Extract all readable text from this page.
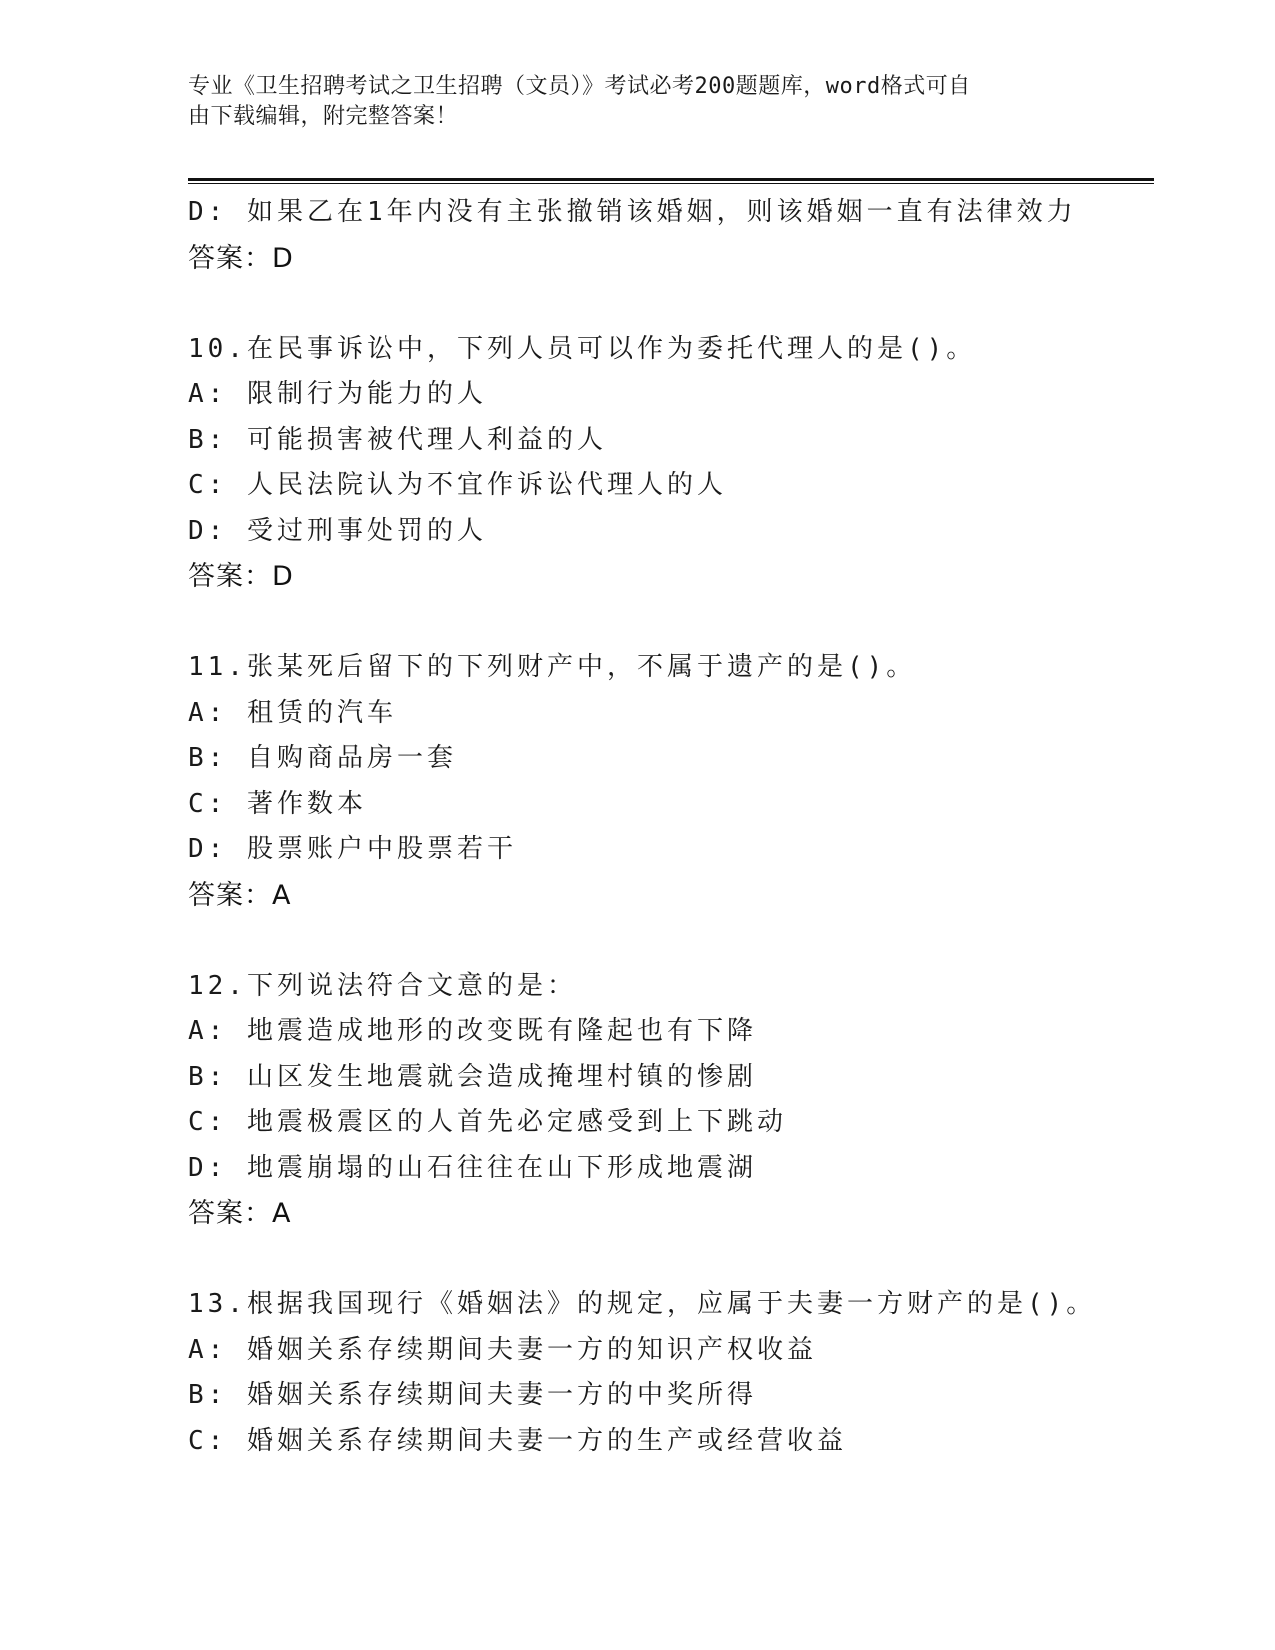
专业《卫生招聘考试之卫生招聘（文员）》考试必考200题题库，word格式可自
由下载编辑，附完整答案！
D: 如果乙在1年内没有主张撤销该婚姻，则该婚姻一直有法律效力
答案：D
10.在民事诉讼中，下列人员可以作为委托代理人的是()。
A: 限制行为能力的人
B: 可能损害被代理人利益的人
C: 人民法院认为不宜作诉讼代理人的人
D: 受过刑事处罚的人
答案：D
11.张某死后留下的下列财产中，不属于遗产的是()。
A: 租赁的汽车
B: 自购商品房一套
C: 著作数本
D: 股票账户中股票若干
答案：A
12.下列说法符合文意的是：
A: 地震造成地形的改变既有隆起也有下降
B: 山区发生地震就会造成掩埋村镇的惨剧
C: 地震极震区的人首先必定感受到上下跳动
D: 地震崩塌的山石往往在山下形成地震湖
答案：A
13.根据我国现行《婚姻法》的规定，应属于夫妻一方财产的是()。
A: 婚姻关系存续期间夫妻一方的知识产权收益
B: 婚姻关系存续期间夫妻一方的中奖所得
C: 婚姻关系存续期间夫妻一方的生产或经营收益
